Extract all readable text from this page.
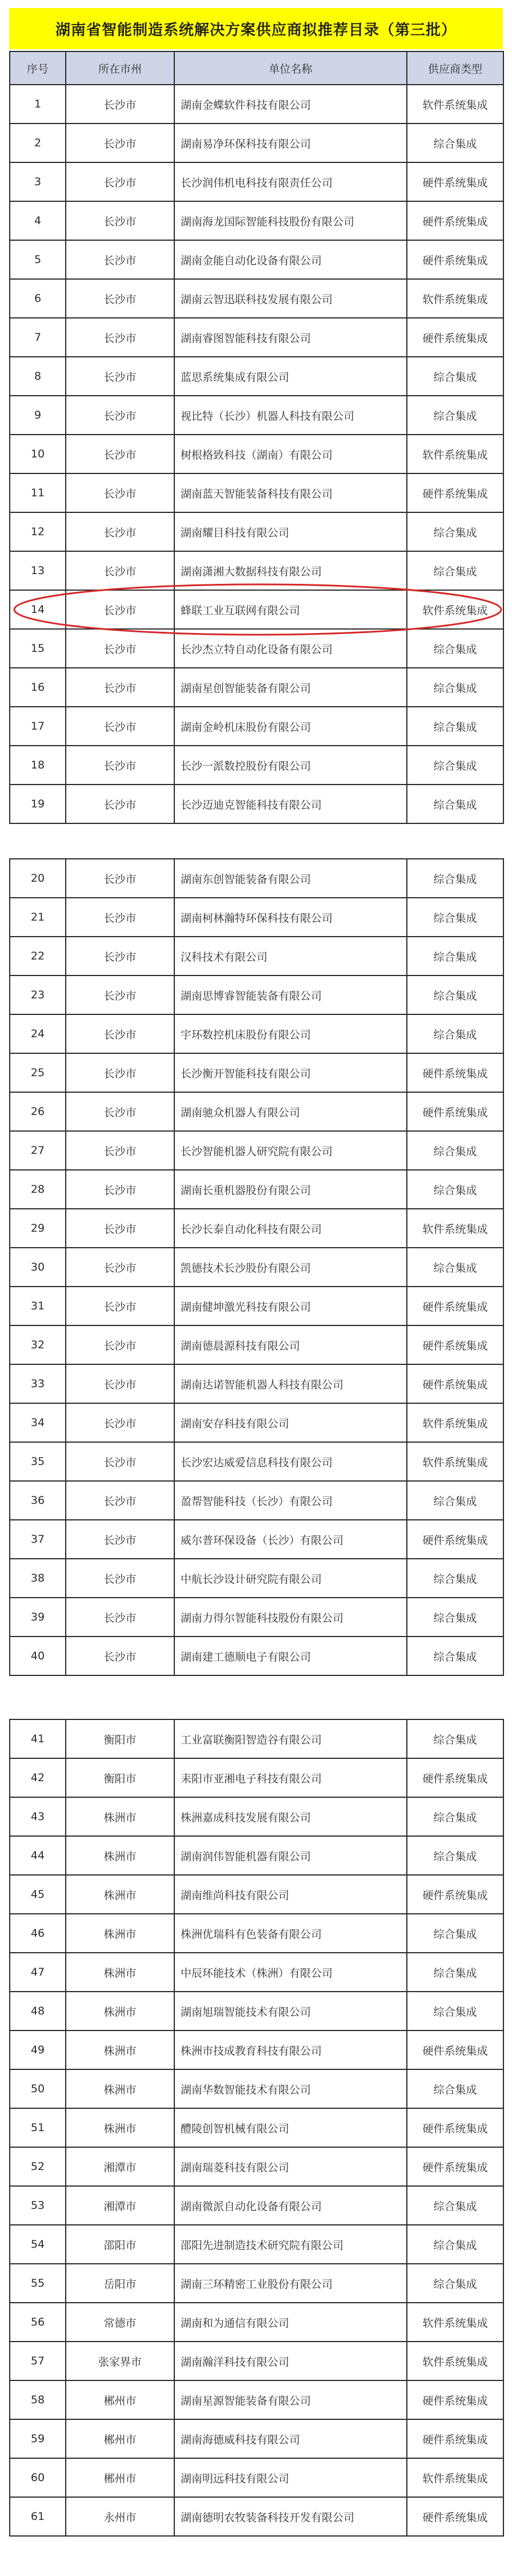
湖南省智能制造系统解决方案供应商拟推荐目录（第三批）
序号	所在市州	单位名称	供应商类型
1	长沙市	湖南金蝶软件科技有限公司	软件系统集成
2	长沙市	湖南易净环保科技有限公司	综合集成
3	长沙市	长沙润伟机电科技有限责任公司	硬件系统集成
4	长沙市	湖南海龙国际智能科技股份有限公司	硬件系统集成
5	长沙市	湖南金能自动化设备有限公司	硬件系统集成
6	长沙市	湖南云智迅联科技发展有限公司	软件系统集成
7	长沙市	湖南睿图智能科技有限公司	硬件系统集成
8	长沙市	蓝思系统集成有限公司	综合集成
9	长沙市	视比特（长沙）机器人科技有限公司	综合集成
10	长沙市	树根格致科技（湖南）有限公司	软件系统集成
11	长沙市	湖南蓝天智能装备科技有限公司	硬件系统集成
12	长沙市	湖南耀目科技有限公司	综合集成
13	长沙市	湖南潇湘大数据科技有限公司	综合集成
14	长沙市	蜂联工业互联网有限公司	软件系统集成
15	长沙市	长沙杰立特自动化设备有限公司	综合集成
16	长沙市	湖南星创智能装备有限公司	综合集成
17	长沙市	湖南金岭机床股份有限公司	综合集成
18	长沙市	长沙一派数控股份有限公司	综合集成
19	长沙市	长沙迈迪克智能科技有限公司	综合集成
20	长沙市	湖南东创智能装备有限公司	综合集成
21	长沙市	湖南柯林瀚特环保科技有限公司	综合集成
22	长沙市	汉科技术有限公司	综合集成
23	长沙市	湖南思博睿智能装备有限公司	综合集成
24	长沙市	宇环数控机床股份有限公司	综合集成
25	长沙市	长沙衡开智能科技有限公司	硬件系统集成
26	长沙市	湖南驰众机器人有限公司	硬件系统集成
27	长沙市	长沙智能机器人研究院有限公司	综合集成
28	长沙市	湖南长重机器股份有限公司	综合集成
29	长沙市	长沙长泰自动化科技有限公司	软件系统集成
30	长沙市	凯德技术长沙股份有限公司	综合集成
31	长沙市	湖南健坤激光科技有限公司	硬件系统集成
32	长沙市	湖南德晨源科技有限公司	硬件系统集成
33	长沙市	湖南达诺智能机器人科技有限公司	硬件系统集成
34	长沙市	湖南安存科技有限公司	软件系统集成
35	长沙市	长沙宏达威爱信息科技有限公司	软件系统集成
36	长沙市	盈帮智能科技（长沙）有限公司	综合集成
37	长沙市	威尔普环保设备（长沙）有限公司	硬件系统集成
38	长沙市	中航长沙设计研究院有限公司	综合集成
39	长沙市	湖南力得尔智能科技股份有限公司	综合集成
40	长沙市	湖南建工德顺电子有限公司	综合集成
41	衡阳市	工业富联衡阳智造谷有限公司	综合集成
42	衡阳市	耒阳市亚湘电子科技有限公司	硬件系统集成
43	株洲市	株洲嘉成科技发展有限公司	综合集成
44	株洲市	湖南润伟智能机器有限公司	综合集成
45	株洲市	湖南维尚科技有限公司	硬件系统集成
46	株洲市	株洲优瑞科有色装备有限公司	综合集成
47	株洲市	中辰环能技术（株洲）有限公司	综合集成
48	株洲市	湖南旭瑞智能技术有限公司	综合集成
49	株洲市	株洲市技成教育科技有限公司	硬件系统集成
50	株洲市	湖南华数智能技术有限公司	综合集成
51	株洲市	醴陵创智机械有限公司	硬件系统集成
52	湘潭市	湖南瑞菱科技有限公司	硬件系统集成
53	湘潭市	湖南微派自动化设备有限公司	综合集成
54	邵阳市	邵阳先进制造技术研究院有限公司	综合集成
55	岳阳市	湖南三环精密工业股份有限公司	综合集成
56	常德市	湖南和为通信有限公司	软件系统集成
57	张家界市	湖南瀚洋科技有限公司	软件系统集成
58	郴州市	湖南星源智能装备有限公司	硬件系统集成
59	郴州市	湖南海德威科技有限公司	硬件系统集成
60	郴州市	湖南明远科技有限公司	软件系统集成
61	永州市	湖南德明农牧装备科技开发有限公司	硬件系统集成
